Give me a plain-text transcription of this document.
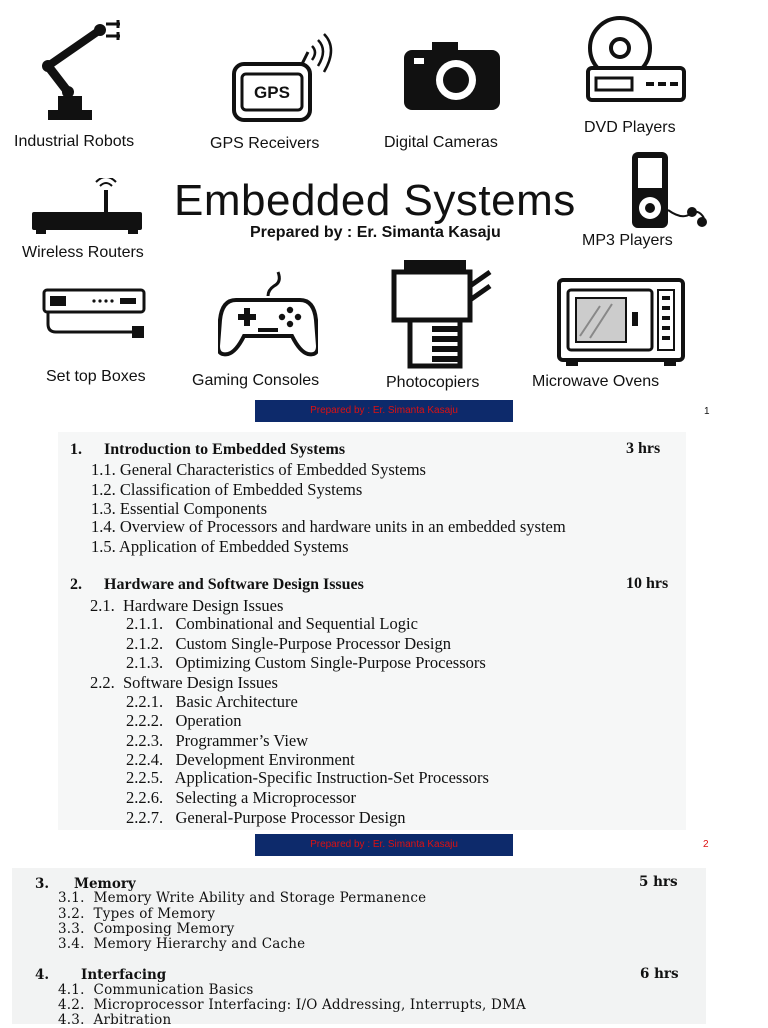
Industrial Robots
GPS
GPS Receivers	Digital Cameras
DVD Players
Wireless Routers
Embedded Systems
Prepared by : Er. Simanta Kasaju	MP3 Players
Set top Boxes	Gaming Consoles	Photocopiers	Microwave Ovens
Prepared by : Er. Simanta Kasaju	1
1. Introduction to Embedded Systems	3 hrs
1.1. General Characteristics of Embedded Systems
1.2. Classification of Embedded Systems
1.3. Essential Components
1.4. Overview of Processors and hardware units in an embedded system
1.5. Application of Embedded Systems
2. Hardware and Software Design Issues	10 hrs
2.1.  Hardware Design Issues
2.1.1.   Combinational and Sequential Logic
2.1.2.   Custom Single-Purpose Processor Design
2.1.3.   Optimizing Custom Single-Purpose Processors
2.2.  Software Design Issues
2.2.1.   Basic Architecture
2.2.2.   Operation
2.2.3.   Programmer’s View
2.2.4.   Development Environment
2.2.5.   Application-Specific Instruction-Set Processors
2.2.6.   Selecting a Microprocessor
2.2.7.   General-Purpose Processor Design
Prepared by : Er. Simanta Kasaju	2
3. Memory	5 hrs
3.1.  Memory Write Ability and Storage Permanence
3.2.  Types of Memory
3.3.  Composing Memory
3.4.  Memory Hierarchy and Cache
4. Interfacing	6 hrs
4.1.  Communication Basics
4.2.  Microprocessor Interfacing: I/O Addressing, Interrupts, DMA
4.3.  Arbitration
